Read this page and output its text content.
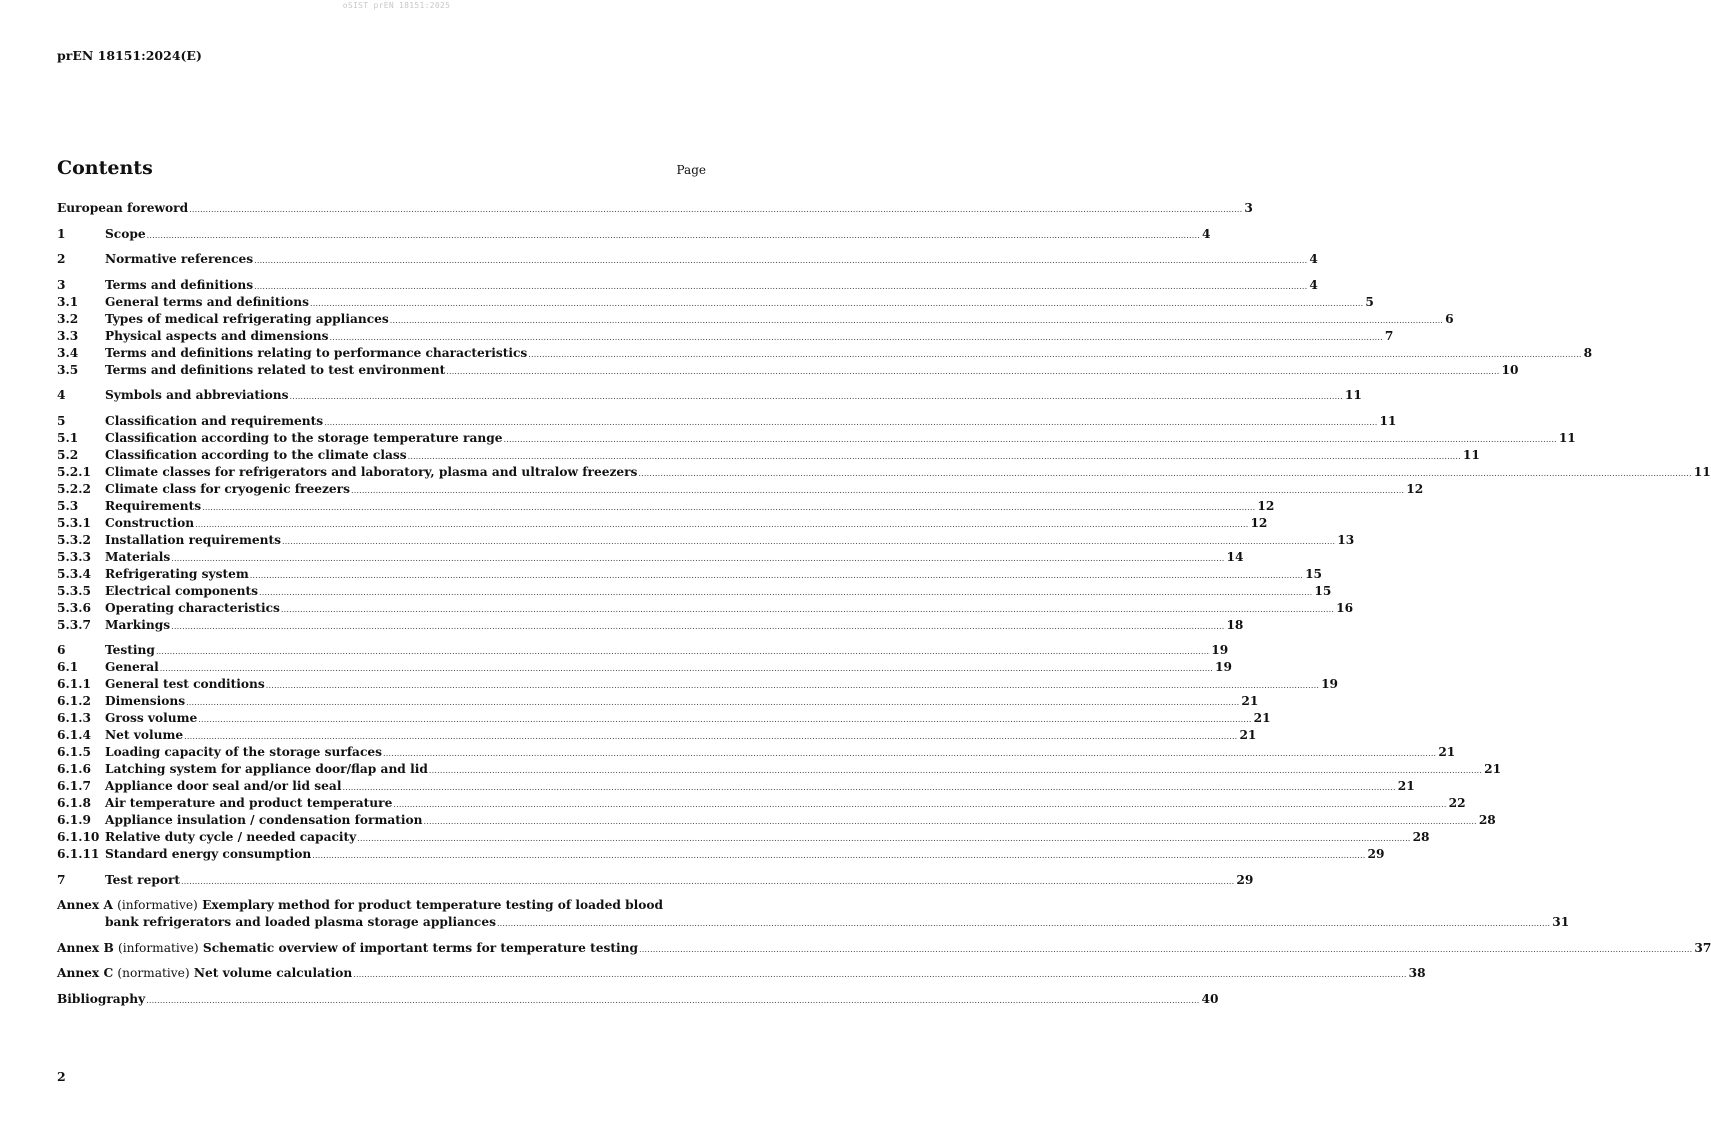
oSIST prEN 18151:2025
prEN 18151:2024(E)
Contents	Page
European foreword .....	3
1	Scope .....	4
2	Normative references .....	4
3	Terms and definitions .....	4
3.1	General terms and definitions .....	5
3.2	Types of medical refrigerating appliances .....	6
3.3	Physical aspects and dimensions .....	7
3.4	Terms and definitions relating to performance characteristics .....	8
3.5	Terms and definitions related to test environment .....	10
4	Symbols and abbreviations .....	11
5	Classification and requirements .....	11
5.1	Classification according to the storage temperature range .....	11
5.2	Classification according to the climate class .....	11
5.2.1	Climate classes for refrigerators and laboratory, plasma and ultralow freezers .....	11
5.2.2	Climate class for cryogenic freezers .....	12
5.3	Requirements .....	12
5.3.1	Construction .....	12
5.3.2	Installation requirements .....	13
5.3.3	Materials .....	14
5.3.4	Refrigerating system .....	15
5.3.5	Electrical components .....	15
5.3.6	Operating characteristics .....	16
5.3.7	Markings .....	18
6	Testing .....	19
6.1	General .....	19
6.1.1	General test conditions .....	19
6.1.2	Dimensions .....	21
6.1.3	Gross volume .....	21
6.1.4	Net volume .....	21
6.1.5	Loading capacity of the storage surfaces .....	21
6.1.6	Latching system for appliance door/flap and lid .....	21
6.1.7	Appliance door seal and/or lid seal .....	21
6.1.8	Air temperature and product temperature .....	22
6.1.9	Appliance insulation / condensation formation .....	28
6.1.10 Relative duty cycle / needed capacity .....	28
6.1.11 Standard energy consumption .....	29
7	Test report .....	29
Annex A (informative) Exemplary method for product temperature testing of loaded blood
bank refrigerators and loaded plasma storage appliances .....	31
Annex B (informative) Schematic overview of important terms for temperature testing .....	37
Annex C (normative) Net volume calculation .....	38
Bibliography .....	40
2
